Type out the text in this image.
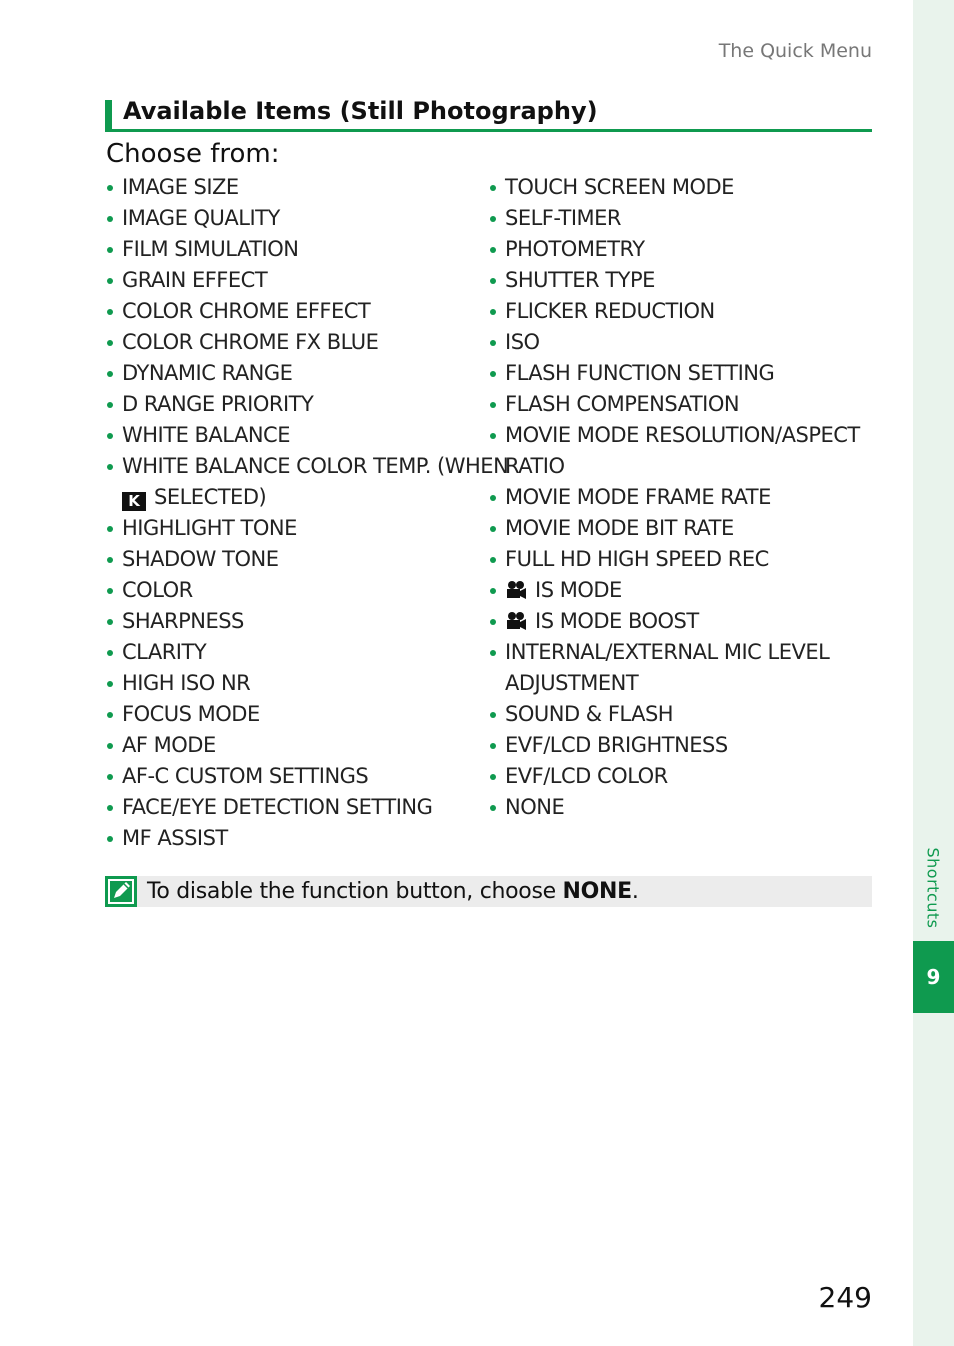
Shortcuts
9
The Quick Menu
Available Items (Still Photography)
Choose from:
IMAGE SIZE
IMAGE QUALITY
FILM SIMULATION
GRAIN EFFECT
COLOR CHROME EFFECT
COLOR CHROME FX BLUE
DYNAMIC RANGE
D RANGE PRIORITY
WHITE BALANCE
WHITE BALANCE COLOR TEMP. (WHEN
K SELECTED)
HIGHLIGHT TONE
SHADOW TONE
COLOR
SHARPNESS
CLARITY
HIGH ISO NR
FOCUS MODE
AF MODE
AF-C CUSTOM SETTINGS
FACE/EYE DETECTION SETTING
MF ASSIST
TOUCH SCREEN MODE
SELF-TIMER
PHOTOMETRY
SHUTTER TYPE
FLICKER REDUCTION
ISO
FLASH FUNCTION SETTING
FLASH COMPENSATION
MOVIE MODE RESOLUTION/ASPECT
RATIO
MOVIE MODE FRAME RATE
MOVIE MODE BIT RATE
FULL HD HIGH SPEED REC
IS MODE
IS MODE BOOST
INTERNAL/EXTERNAL MIC LEVEL
ADJUSTMENT
SOUND & FLASH
EVF/LCD BRIGHTNESS
EVF/LCD COLOR
NONE
To disable the function button, choose NONE.
249
